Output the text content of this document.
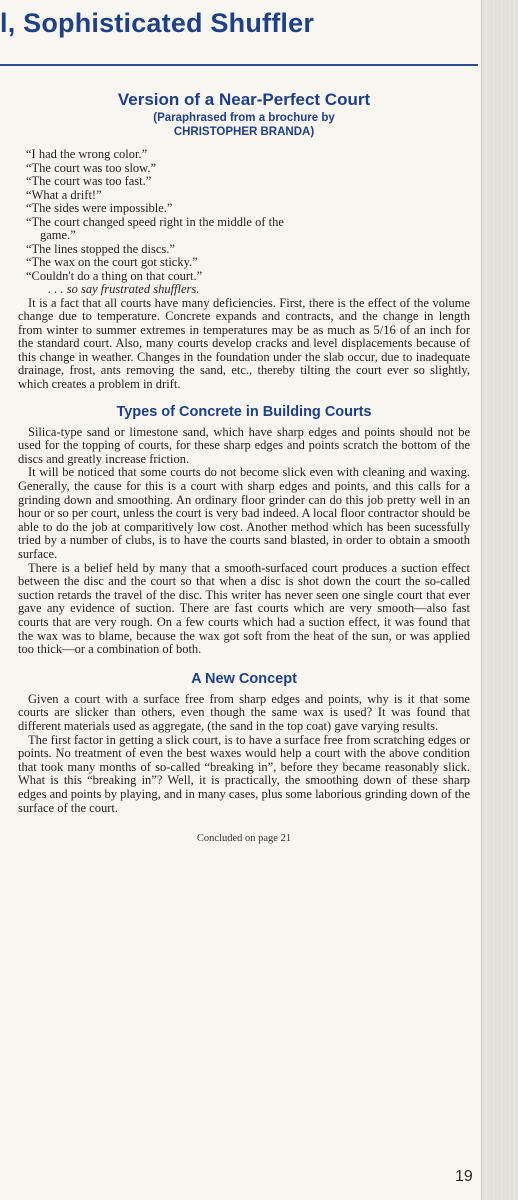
l, Sophisticated Shuffler
Version of a Near-Perfect Court
(Paraphrased from a brochure by
CHRISTOPHER BRANDA)
“I had the wrong color.”
“The court was too slow.”
“The court was too fast.”
“What a drift!”
“The sides were impossible.”
“The court changed speed right in the middle of the
game.”
“The lines stopped the discs.”
“The wax on the court got sticky.”
“Couldn't do a thing on that court.”
. . . so say frustrated shufflers.

It is a fact that all courts have many deficiencies. First, there is the effect of the volume change due to temperature. Concrete expands and contracts, and the change in length from winter to summer extremes in temperatures may be as much as 5/16 of an inch for the standard court. Also, many courts develop cracks and level displacements because of this change in weather. Changes in the foundation under the slab occur, due to inadequate drainage, frost, ants removing the sand, etc., thereby tilting the court ever so slightly, which creates a problem in drift.

Types of Concrete in Building Courts

Silica-type sand or limestone sand, which have sharp edges and points should not be used for the topping of courts, for these sharp edges and points scratch the bottom of the discs and greatly increase friction.

It will be noticed that some courts do not become slick even with cleaning and waxing. Generally, the cause for this is a court with sharp edges and points, and this calls for a grinding down and smoothing. An ordinary floor grinder can do this job pretty well in an hour or so per court, unless the court is very bad indeed. A local floor contractor should be able to do the job at comparitively low cost. Another method which has been sucessfully tried by a number of clubs, is to have the courts sand blasted, in order to obtain a smooth surface.

There is a belief held by many that a smooth-surfaced court produces a suction effect between the disc and the court so that when a disc is shot down the court the so-called suction retards the travel of the disc. This writer has never seen one single court that ever gave any evidence of suction. There are fast courts which are very smooth—also fast courts that are very rough. On a few courts which had a suction effect, it was found that the wax was to blame, because the wax got soft from the heat of the sun, or was applied too thick—or a combination of both.

A New Concept

Given a court with a surface free from sharp edges and points, why is it that some courts are slicker than others, even though the same wax is used? It was found that different materials used as aggregate, (the sand in the top coat) gave varying results.

The first factor in getting a slick court, is to have a surface free from scratching edges or points. No treatment of even the best waxes would help a court with the above condition that took many months of so-called “breaking in”, before they became reasonably slick. What is this “breaking in”? Well, it is practically, the smoothing down of these sharp edges and points by playing, and in many cases, plus some laborious grinding down of the surface of the court.

Concluded on page 21
19
